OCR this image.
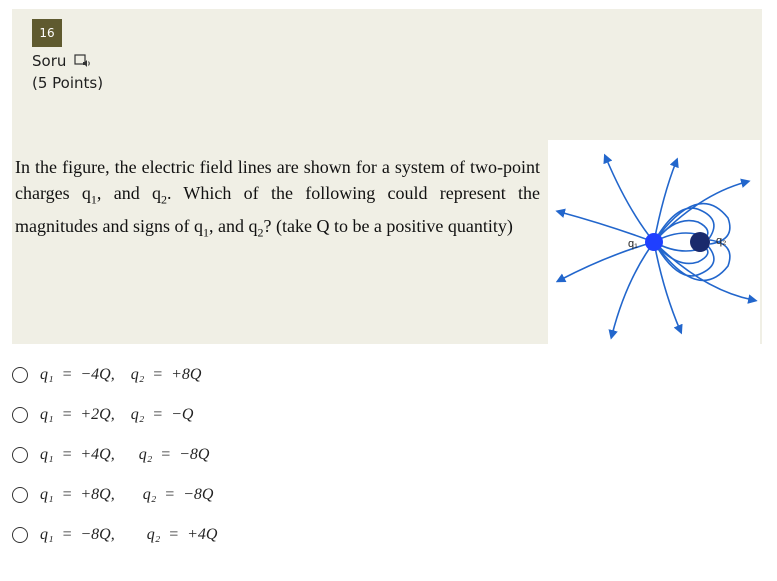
16
Soru
(5 Points)
In the figure, the electric field lines are shown for a system of two-point charges $q_1$, and $q_2$. Which of the following could represent the magnitudes and signs of $q_1$, and $q_2$? (take Q to be a positive quantity)
q₁	q₂
q₁  =  −4Q,    q₂  =  +8Q
q₁  =  +2Q,    q₂  =  −Q
q₁  =  +4Q,      q₂  =  −8Q
q₁  =  +8Q,       q₂  =  −8Q
q₁  =  −8Q,        q₂  =  +4Q
